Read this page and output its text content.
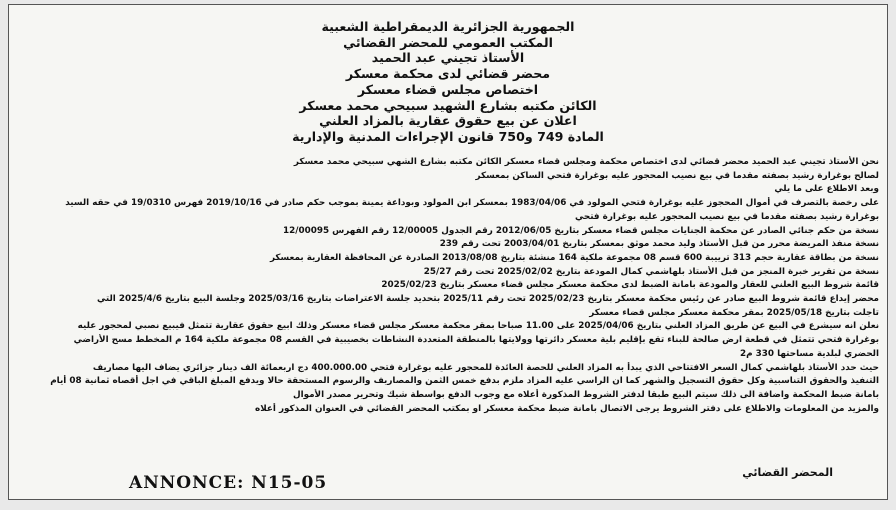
الجمهورية الجزائرية الديمقراطية الشعبية
المكتب العمومي للمحضر القضائي
الأستاذ تجيني عبد الحميد
محضر قضائي لدى محكمة معسكر
اختصاص مجلس قضاء معسكر
الكائن مكتبه بشارع الشهيد سبيحي محمد معسكر
اعلان عن بيع حقوق عقارية بالمزاد العلني
المادة 749 و750 قانون الإجراءات المدنية والإدارية
نحن الأستاذ تجيني عبد الحميد محضر قضائي لدى اختصاص محكمة ومجلس قضاء معسكر الكائن مكتبه بشارع الشهي سبيحي محمد معسكر
لصالح بوغرارة رشيد بصفته مقدما في بيع نصيب المحجور عليه بوغرارة فتحي الساكن بمعسكر
وبعد الاطلاع على ما يلي
على رخصة بالتصرف في أموال المحجوز عليه بوغرارة فتحي المولود في 1983/04/06 بمعسكر ابن المولود وبوداعة يمينة بموجب حكم صادر في 2019/10/16 فهرس 19/0310 في حقه السيد
بوغرارة رشيد بصفته مقدما في بيع نصيب المحجور عليه بوغرارة فتحي
نسخة من حكم جنائي الصادر عن محكمة الجنايات مجلس قضاء معسكر بتاريخ 2012/06/05 رقم الجدول 12/00005 رقم الفهرس 12/00095
نسخة منفذ المريضة محرر من قبل الأستاذ وليد محمد موثق بمعسكر بتاريخ 2003/04/01 تحت رقم 239
نسخة من بطاقة عقارية حجم 313 ترييبة 600 قسم 08 مجموعة ملكية 164 منشئة بتاريخ 2013/08/08 الصادرة عن المحافظة العقارية بمعسكر
نسخة من تقرير خبرة المنجز من قبل الأستاذ بلهاشمي كمال المودعة بتاريخ 2025/02/02 تحت رقم 25/27
قائمة شروط البيع العلني للعقار والمودعة بامانة الضبط لدى محكمة معسكر مجلس قضاء معسكر بتاريخ 2025/02/23
محضر إيداع قائمة شروط البيع صادر عن رئيس محكمة معسكر بتاريخ 2025/02/23 تحت رقم 2025/11 بتحديد جلسة الاعتراضات بتاريخ 2025/03/16 وجلسة البيع بتاريخ 2025/4/6 التي
تاجلت بتاريخ 2025/05/18 بمقر محكمة معسكر مجلس قضاء معسكر
نعلن انه سيشرع في البيع عن طريق المزاد العلني بتاريخ 2025/04/06 على 11.00 صباحا بمقر محكمة معسكر مجلس قضاء معسكر وذلك ابيع حقوق عقارية تتمثل فيبيع نصبي لمحجور عليه
بوغرارة فتحي تتمثل في قطعة ارض صالحة للبناء تقع بإقليم بلية معسكر دائرتها وولايتها بالمنطقة المتعددة النشاطات بخصيبية في القسم 08 مجموعة ملكية 164 م المخطط مسح الأراضي
الحضري لبلدية مساحتها 330 م2
حيث حدد الأستاذ بلهاشمي كمال السعر الافتتاحي الذي يبدأ به المزاد العلني للحصة العائدة للمحجور عليه بوغرارة فتحي 400.000.00 دج اربعمائة الف دينار جزائري يضاف اليها مصاريف
التنفيذ والحقوق التناسبية وكل حقوق التسجيل والشهر كما ان الراسي عليه المزاد ملزم بدفع خمس الثمن والمصاريف والرسوم المستحقة حالا ويدفع المبلغ الباقي في اجل أقصاه ثمانية 08 أيام
بامانة ضبط المحكمة واضافة الى ذلك سيتم البيع طبقا لدفتر الشروط المذكورة أعلاه مع وجوب الدفع بواسطة شيك وتحرير مصدر الأموال
والمزيد من المعلومات والاطلاع على دفتر الشروط يرجى الاتصال بامانة ضبط محكمة معسكر او بمكتب المحضر القضائي في العنوان المذكور أعلاه
المحضر القضائي
ANNONCE: N15-05
